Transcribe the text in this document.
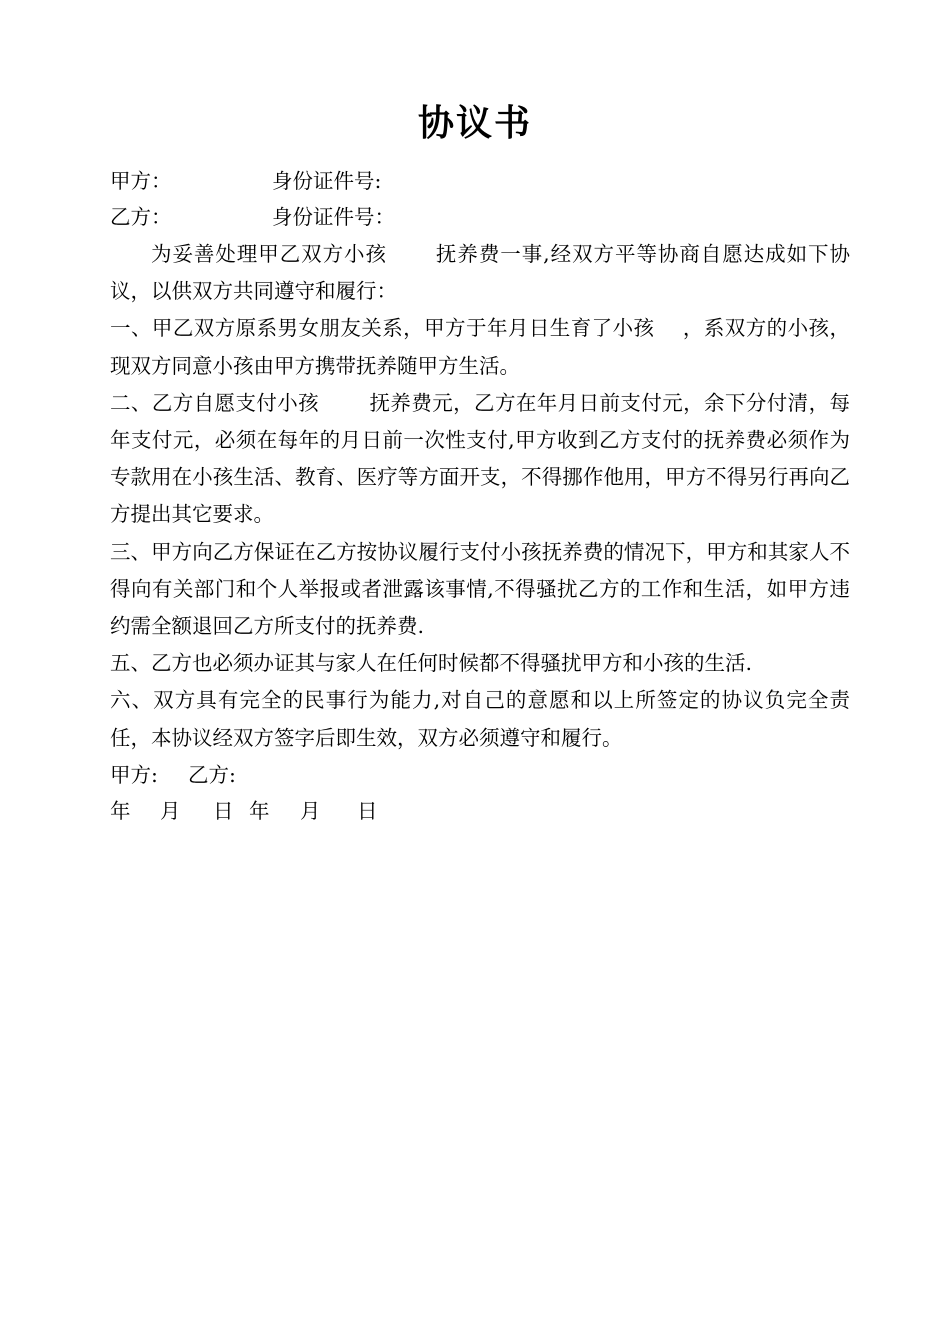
协议书
甲方：	身份证件号:
乙方：	身份证件号：

为妥善处理甲乙双方小孩 抚养费一事,经双方平等协商自愿达成如下协议，以供双方共同遵守和履行：

一、甲乙双方原系男女朋友关系，甲方于年月日生育了小孩 ，系双方的小孩，现双方同意小孩由甲方携带抚养随甲方生活。

二、乙方自愿支付小孩 抚养费元，乙方在年月日前支付元，余下分付清，每年支付元，必须在每年的月日前一次性支付,甲方收到乙方支付的抚养费必须作为专款用在小孩生活、教育、医疗等方面开支，不得挪作他用，甲方不得另行再向乙方提出其它要求。

三、甲方向乙方保证在乙方按协议履行支付小孩抚养费的情况下，甲方和其家人不得向有关部门和个人举报或者泄露该事情,不得骚扰乙方的工作和生活，如甲方违约需全额退回乙方所支付的抚养费.

五、乙方也必须办证其与家人在任何时候都不得骚扰甲方和小孩的生活.

六、双方具有完全的民事行为能力,对自己的意愿和以上所签定的协议负完全责任，本协议经双方签字后即生效，双方必须遵守和履行。

甲方: 乙方:
年 月 日 年 月 日
